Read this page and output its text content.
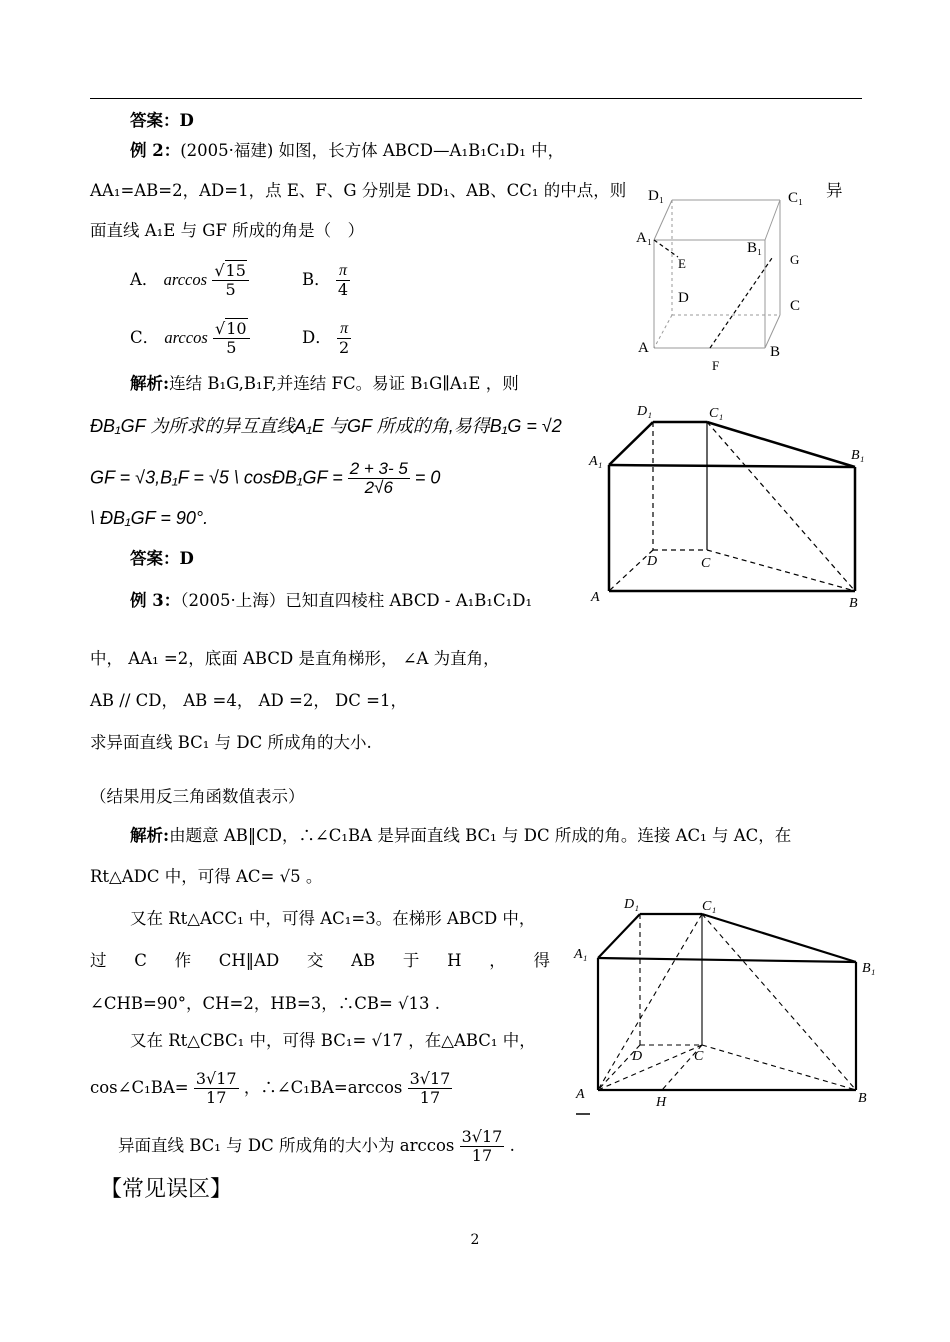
答案：D
例 2：(2005·福建) 如图，长方体 ABCD—A₁B₁C₁D₁ 中，
AA₁=AB=2，AD=1，点 E、F、G 分别是 DD₁、AB、CC₁ 的中点，则	异
面直线 A₁E 与 GF 所成的角是（　）
A． $\arccos \frac{√15}{5}$	B． $\frac{\pi}{4}$
C． $\arccos \frac{√10}{5}$	D． $\frac{\pi}{2}$
解析:连结 B₁G,B₁F,并连结 FC。易证 B₁G∥A₁E ，则
ÐB₁GF 为所求的异互直线A₁E 与GF 所成的角,易得B₁G = √2
GF = √3,B₁F = √5 \ cosÐB₁GF = $\frac{2 + 3- 5}{2√6} = 0$
\ ÐB₁GF = 90°.
答案：D
例 3：（2005·上海）已知直四棱柱 ABCD - A₁B₁C₁D₁
中， AA₁ =2，底面 ABCD 是直角梯形， ∠A 为直角，
AB // CD， AB =4， AD =2， DC =1，
求异面直线 BC₁ 与 DC 所成角的大小.
（结果用反三角函数值表示）
解析:由题意 AB‖CD，∴∠C₁BA 是异面直线 BC₁ 与 DC 所成的角。连接 AC₁ 与 AC，在
Rt△ADC 中，可得 AC= √5 。
又在 Rt△ACC₁ 中，可得 AC₁=3。在梯形 ABCD 中，
过 C 作 CH‖AD 交 AB 于 H ， 得
∠CHB=90°，CH=2，HB=3，∴CB= √13 .
又在 Rt△CBC₁ 中，可得 BC₁= √17 ，在△ABC₁ 中，
cos∠C₁BA= $\frac{3√17}{17}$ ，∴∠C₁BA=arccos $\frac{3√17}{17}$
异面直线 BC₁ 与 DC 所成角的大小为 $\arccos \frac{3√17}{17}$ .
【常见误区】
2
D₁	C₁
A₁
B₁
E	G
D	C
A	B
F
D₁	C₁
A₁	B₁
D	C
A	B
D₁	C₁
A₁
B₁
D	C
A	B
H
